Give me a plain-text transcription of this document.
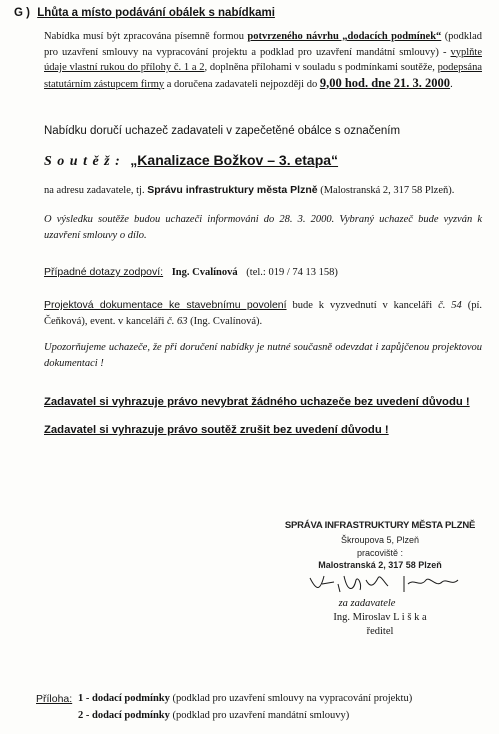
G ) Lhůta a místo podávání obálek s nabídkami

Nabídka musí být zpracována písemně formou potvrzeného návrhu „dodacích podmínek“ (podklad pro uzavření smlouvy na vypracování projektu a podklad pro uzavření mandátní smlouvy) - vyplňte údaje vlastní rukou do přílohy č. 1 a 2, doplněna přílohami v souladu s podmínkami soutěže, podepsána statutárním zástupcem firmy a doručena zadavateli nejpozději do 9,00 hod. dne 21. 3. 2000.

Nabídku doručí uchazeč zadavateli v zapečetěné obálce s označením

S o u t ě ž : „Kanalizace Božkov – 3. etapa“

na adresu zadavatele, tj. Správu infrastruktury města Plzně (Malostranská 2, 317 58 Plzeň).

O výsledku soutěže budou uchazeči informováni do 28. 3. 2000. Vybraný uchazeč bude vyzván k uzavření smlouvy o dílo.

Případné dotazy zodpoví: Ing. Cvalínová (tel.: 019 / 74 13 158)

Projektová dokumentace ke stavebnímu povolení bude k vyzvednutí v kanceláři č. 54 (pí. Čeňková), event. v kanceláři č. 63 (Ing. Cvalínová).

Upozorňujeme uchazeče, že při doručení nabídky je nutné současně odevzdat i zapůjčenou projektovou dokumentaci !

Zadavatel si vyhrazuje právo nevybrat žádného uchazeče bez uvedení důvodu !

Zadavatel si vyhrazuje právo soutěž zrušit bez uvedení důvodu !

SPRÁVA INFRASTRUKTURY MĚSTA PLZNĚ
Škroupova 5, Plzeň
pracoviště :
Malostranská 2, 317 58 Plzeň
za zadavatele
Ing. Miroslav L i š k a
ředitel
Příloha: 1 - dodací podmínky (podklad pro uzavření smlouvy na vypracování projektu)
2 - dodací podmínky (podklad pro uzavření mandátní smlouvy)
